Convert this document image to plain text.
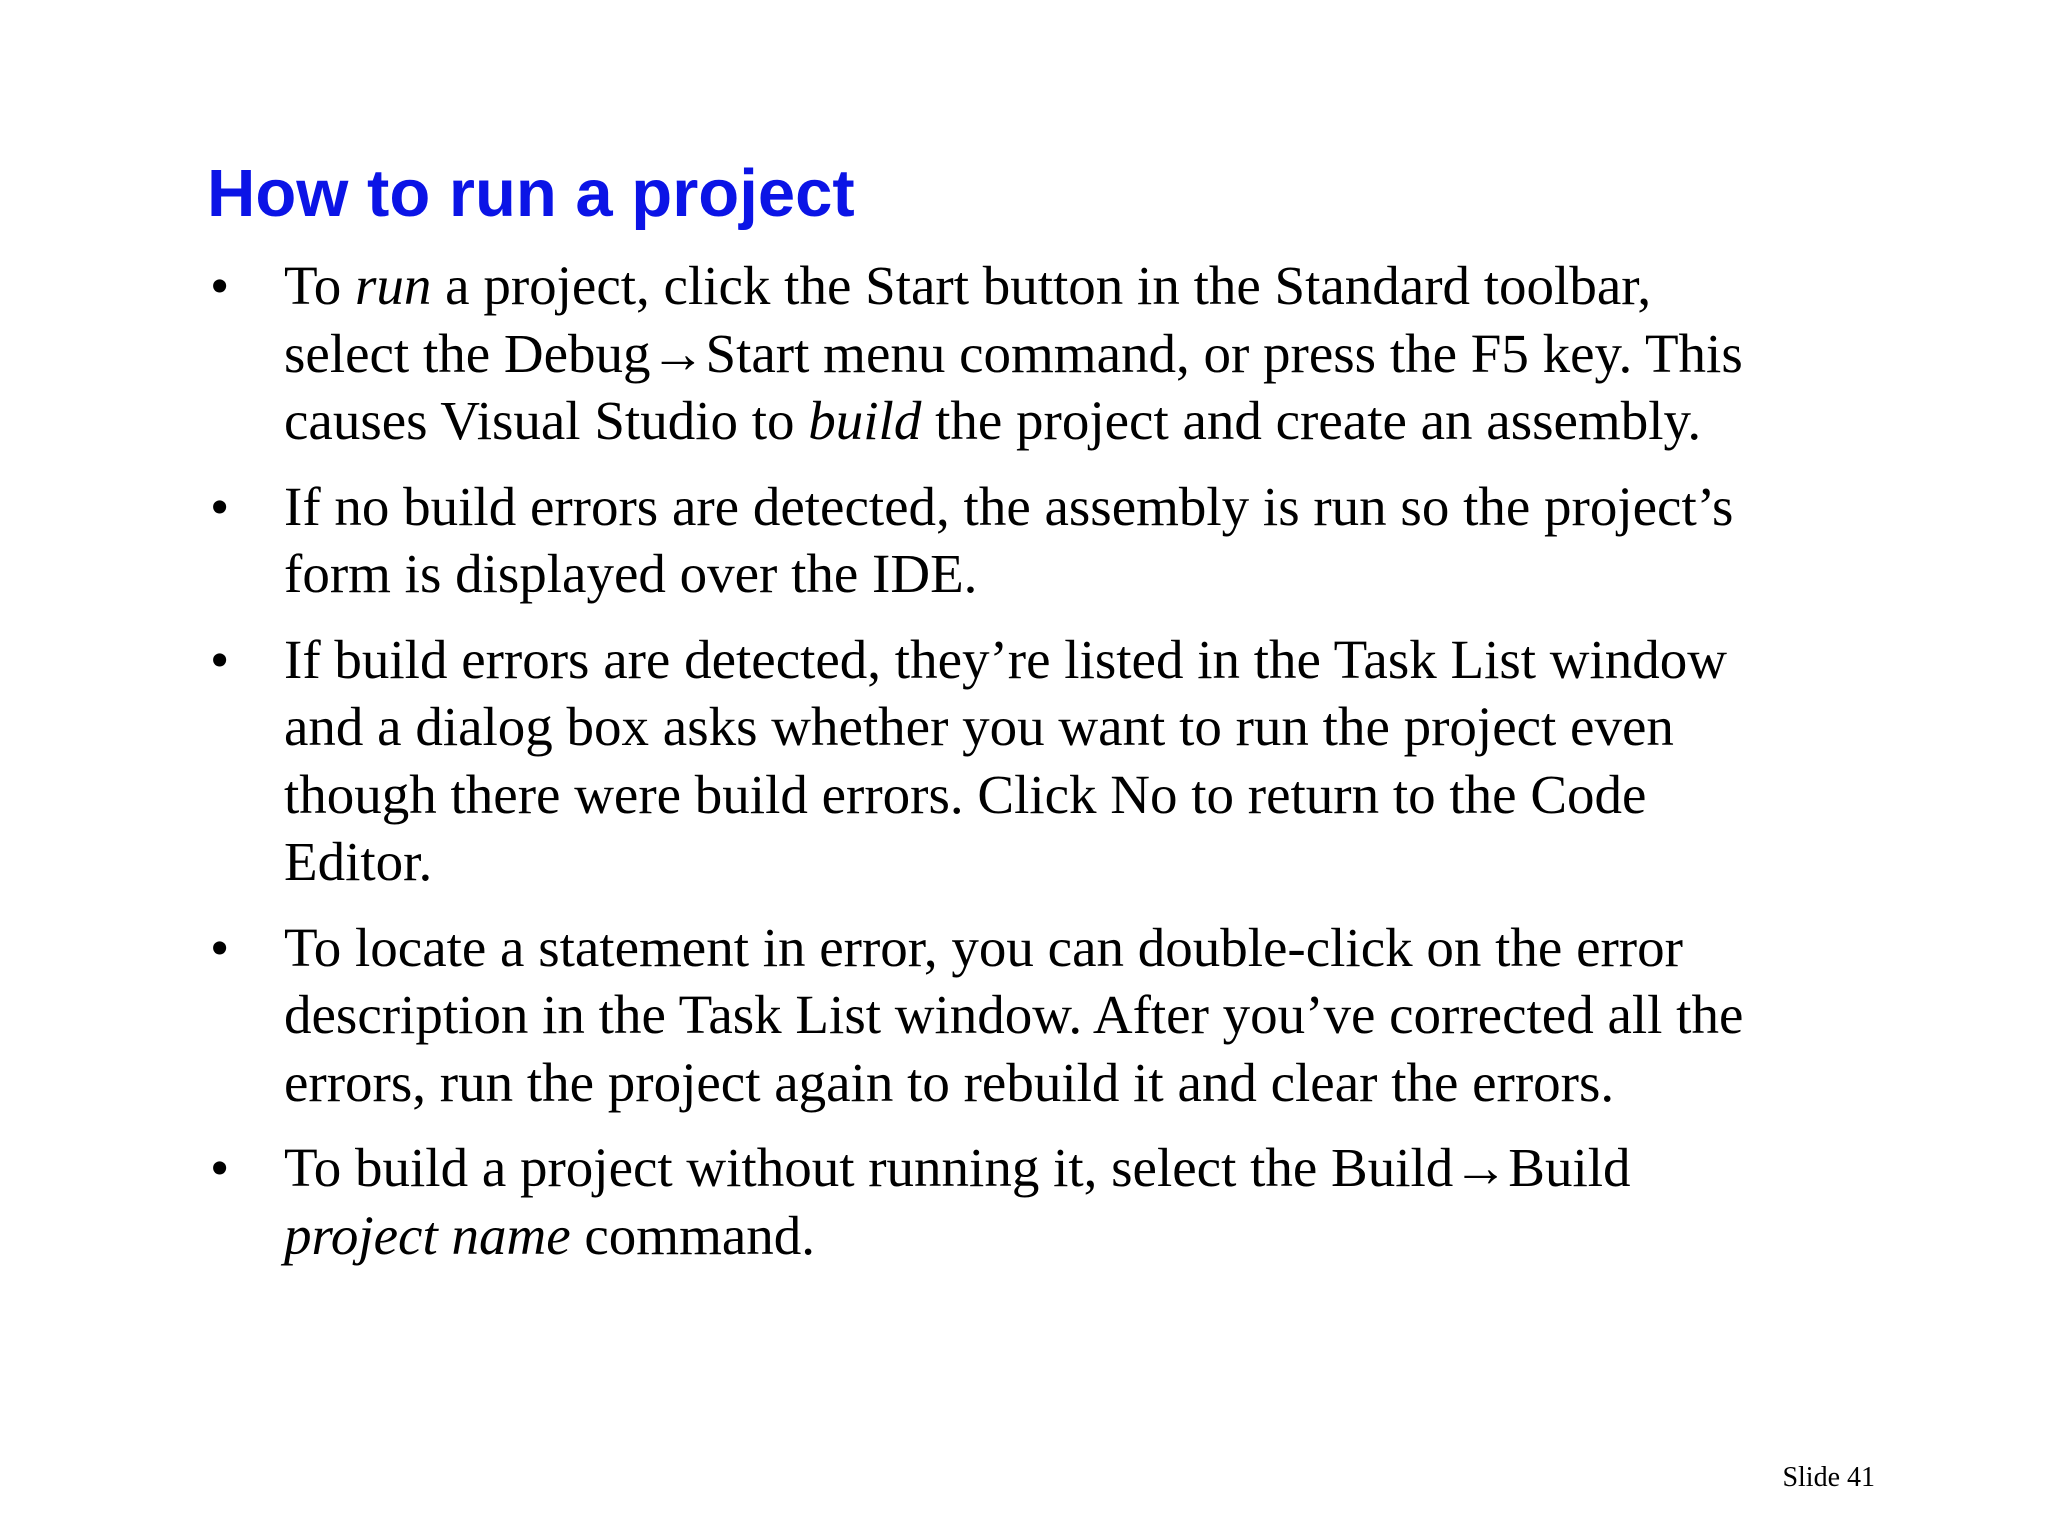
How to run a project
• To run a project, click the Start button in the Standard toolbar, select the Debug→Start menu command, or press the F5 key. This causes Visual Studio to build the project and create an assembly.
• If no build errors are detected, the assembly is run so the project’s form is displayed over the IDE.
• If build errors are detected, they’re listed in the Task List window and a dialog box asks whether you want to run the project even though there were build errors. Click No to return to the Code Editor.
• To locate a statement in error, you can double-click on the error description in the Task List window. After you’ve corrected all the errors, run the project again to rebuild it and clear the errors.
• To build a project without running it, select the Build→Build
project name command.
Slide 41
